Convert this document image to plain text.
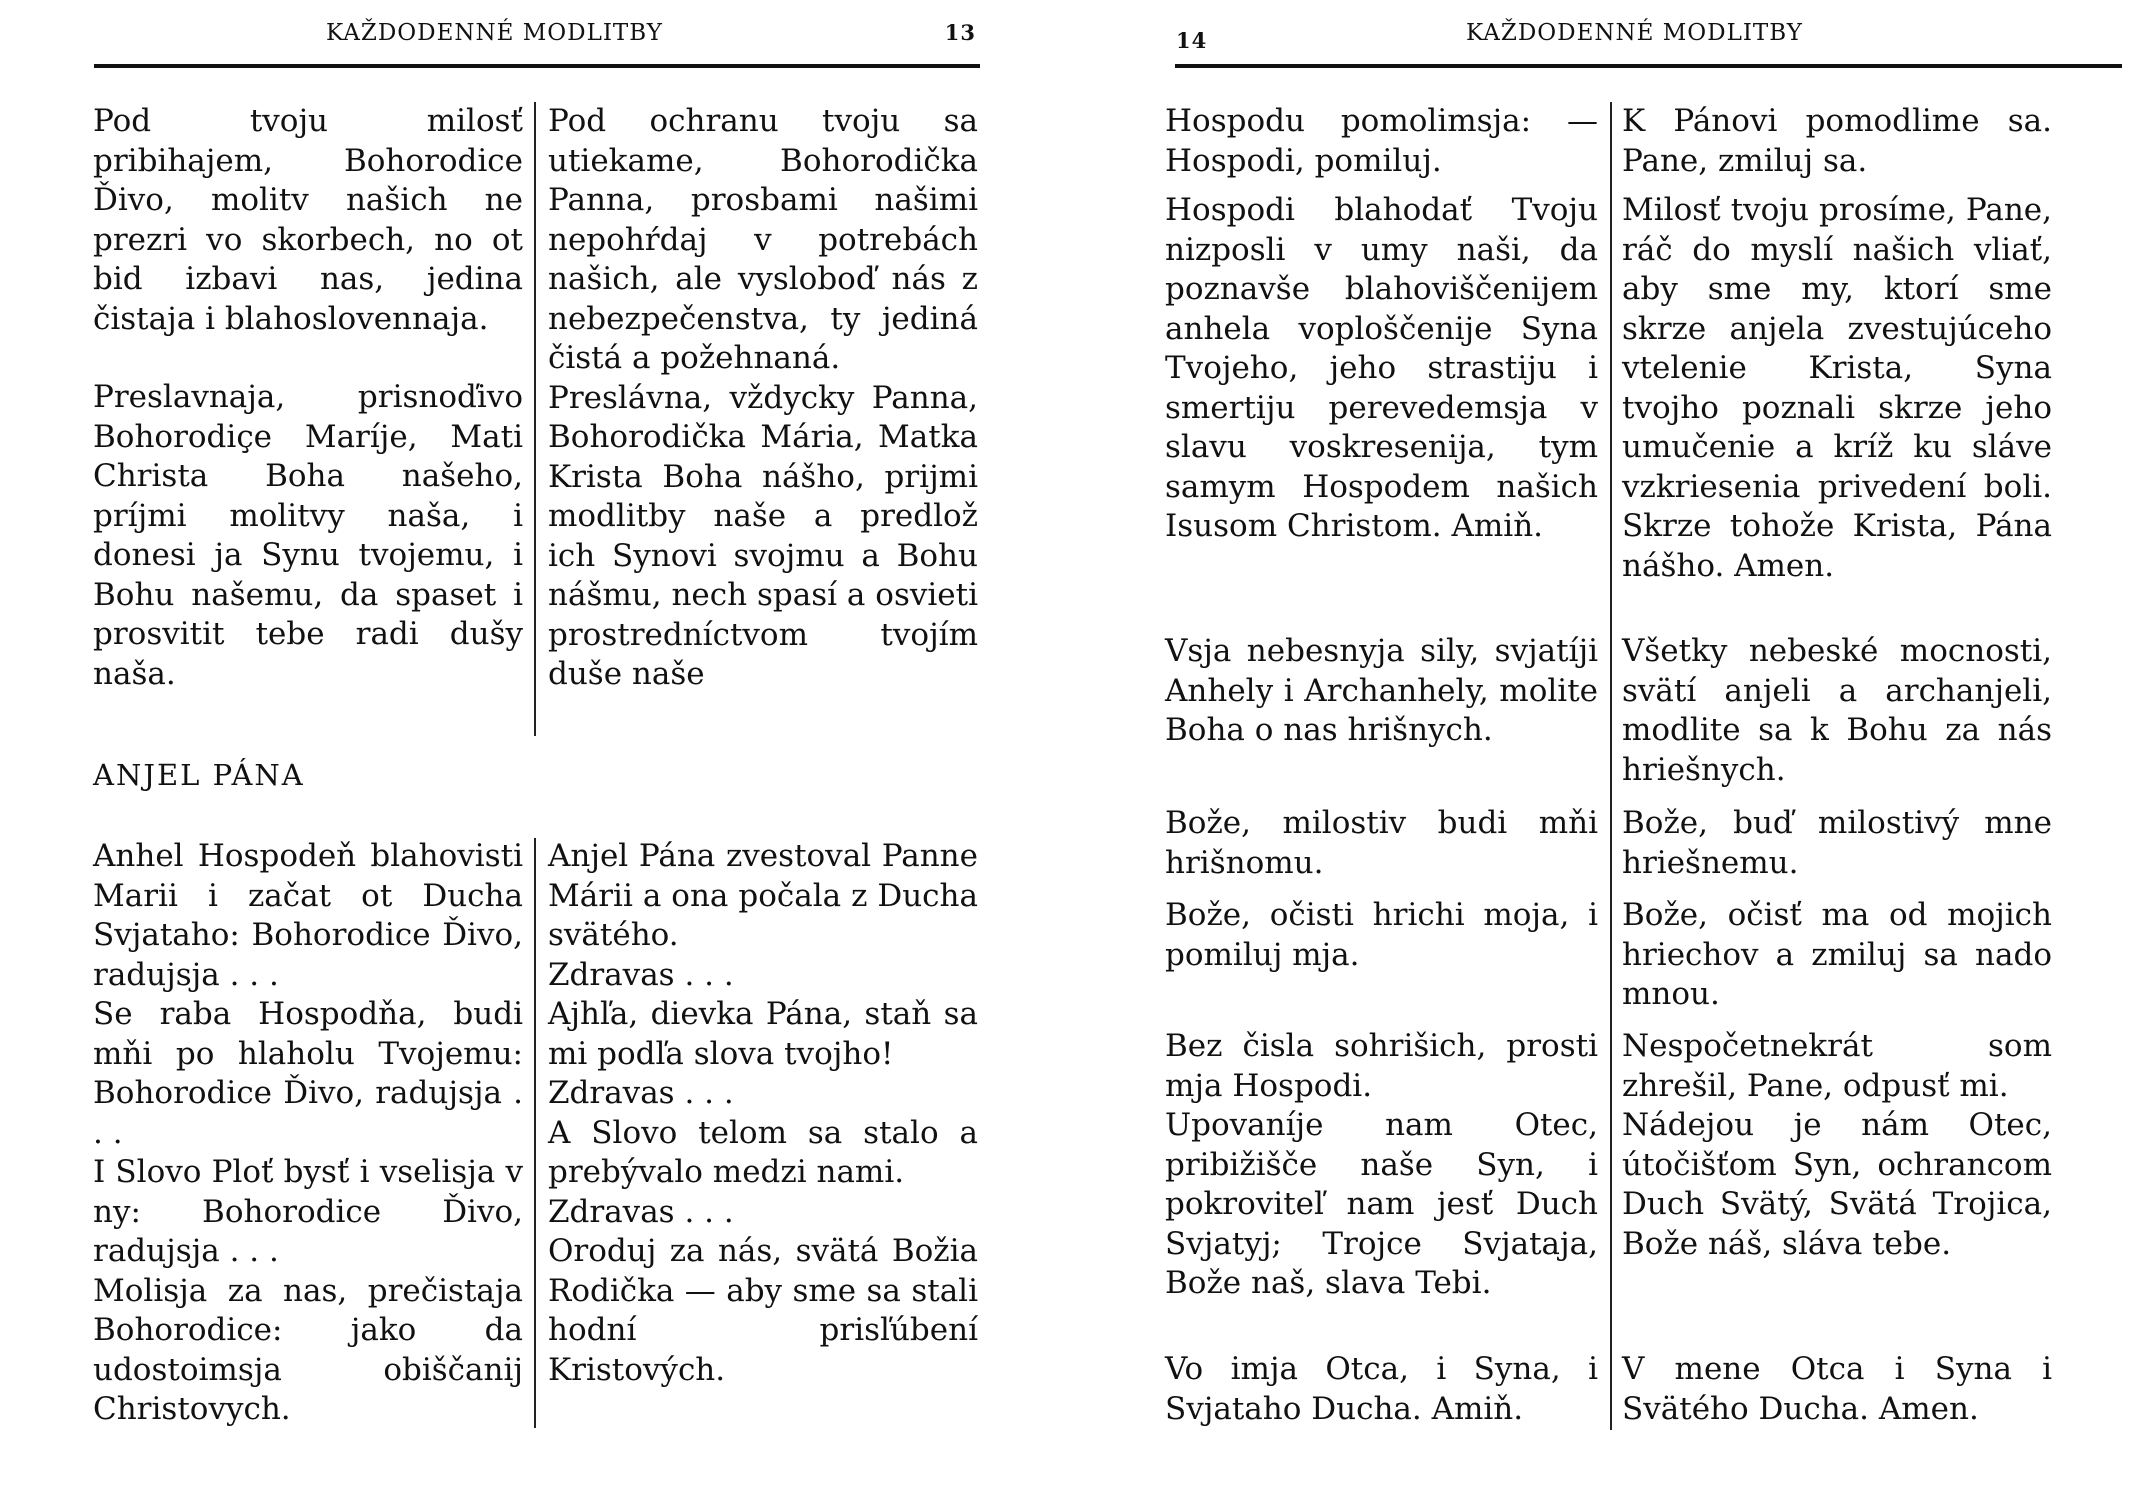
KAŽDODENNÉ MODLITBY	13

Pod tvoju milosť pribihajem, Bohorodice Ďivo, molitv našich ne prezri vo skorbech, no ot bid izbavi nas, jedina čistaja i blahoslovennaja.

Preslavnaja, prisnoďivo Bohorodiçe Maríje, Mati Christa Boha našeho, príjmi molitvy naša, i donesi ja Synu tvojemu, i Bohu našemu, da spaset i prosvitit tebe radi dušy naša.

Pod ochranu tvoju sa utiekame, Bohorodička Panna, prosbami našimi nepohŕdaj v potrebách našich, ale vysloboď nás z nebezpečenstva, ty jediná čistá a požehnaná.

Preslávna, vždycky Panna, Bohorodička Mária, Matka Krista Boha nášho, prijmi modlitby naše a predlož ich Synovi svojmu a Bohu nášmu, nech spasí a osvieti prostredníctvom tvojím duše naše

ANJEL PÁNA

Anhel Hospodeň blahovisti Marii i začat ot Ducha Svjataho: Bohorodice Ďivo, radujsja . . .

Se raba Hospodňa, budi mňi po hlaholu Tvojemu: Bohorodice Ďivo, radujsja . . .

I Slovo Ploť bysť i vselisja v ny: Bohorodice Ďivo, radujsja . . .

Molisja za nas, prečistaja Bohorodice: jako da udostoimsja obiščanij Christovych.

Anjel Pána zvestoval Panne Márii a ona počala z Ducha svätého.

Zdravas . . .

Ajhľa, dievka Pána, staň sa mi podľa slova tvojho!

Zdravas . . .

A Slovo telom sa stalo a prebývalo medzi nami.

Zdravas . . .

Oroduj za nás, svätá Božia Rodička — aby sme sa stali hodní prisľúbení Kristových.

14	KAŽDODENNÉ MODLITBY

Hospodu pomolimsja: — Hospodi, pomiluj.

K Pánovi pomodlime sa. Pane, zmiluj sa.

Hospodi blahodať Tvoju nizposli v umy naši, da poznavše blahoviščenijem anhela voploščenije Syna Tvojeho, jeho strastiju i smertiju perevedemsja v slavu voskresenija, tym samym Hospodem našich Isusom Christom. Amiň.

Milosť tvoju prosíme, Pane, ráč do myslí našich vliať, aby sme my, ktorí sme skrze anjela zvestujúceho vtelenie Krista, Syna tvojho poznali skrze jeho umučenie a kríž ku sláve vzkriesenia privedení boli. Skrze tohože Krista, Pána nášho. Amen.

Vsja nebesnyja sily, svjatíji Anhely i Archanhely, molite Boha o nas hrišnych.

Všetky nebeské mocnosti, svätí anjeli a archanjeli, modlite sa k Bohu za nás hriešnych.

Bože, milostiv budi mňi hrišnomu.

Bože, buď milostivý mne hriešnemu.

Bože, očisti hrichi moja, i pomiluj mja.

Bože, očisť ma od mojich hriechov a zmiluj sa nado mnou.

Bez čisla sohrišich, prosti mja Hospodi.

Nespočetnekrát som zhrešil, Pane, odpusť mi.

Upovaníje nam Otec, pribižišče naše Syn, i pokroviteľ nam jesť Duch Svjatyj; Trojce Svjataja, Bože naš, slava Tebi.

Nádejou je nám Otec, útočišťom Syn, ochrancom Duch Svätý, Svätá Trojica, Bože náš, sláva tebe.

Vo imja Otca, i Syna, i Svjataho Ducha. Amiň.

V mene Otca i Syna i Svätého Ducha. Amen.
